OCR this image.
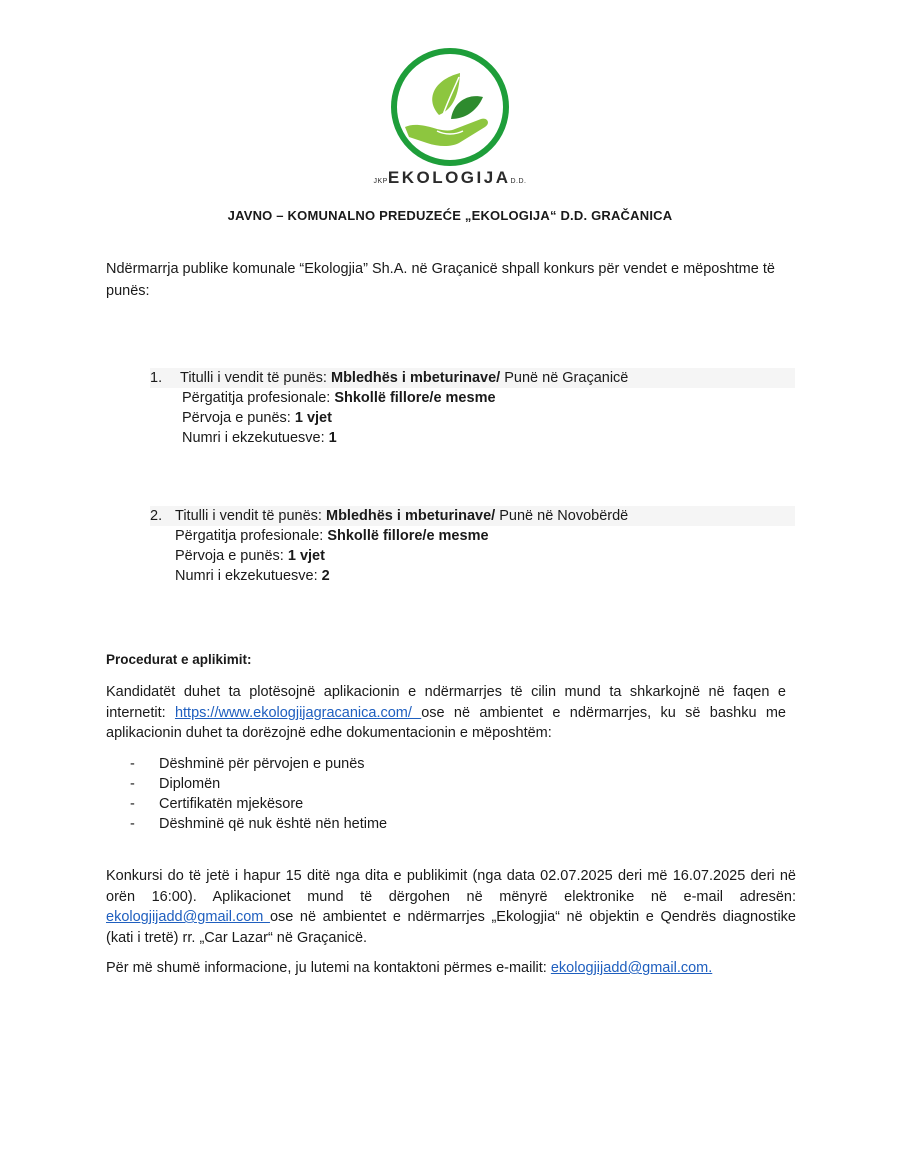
JKPEKOLOGIJAD.D.
JAVNO – KOMUNALNO PREDUZEĆE „EKOLOGIJA“ D.D. GRAČANICA
Ndërmarrja publike komunale “Ekologjia” Sh.A. në Graçanicë shpall konkurs për vendet e mëposhtme të punës:
1. Titulli i vendit të punës: Mbledhës i mbeturinave/ Punë në Graçanicë
Përgatitja profesionale: Shkollë fillore/e mesme
Përvoja e punës: 1 vjet
Numri i ekzekutuesve: 1
2. Titulli i vendit të punës: Mbledhës i mbeturinave/ Punë në Novobërdë
Përgatitja profesionale: Shkollë fillore/e mesme
Përvoja e punës: 1 vjet
Numri i ekzekutuesve: 2
Procedurat e aplikimit:
Kandidatët duhet ta plotësojnë aplikacionin e ndërmarrjes të cilin mund ta shkarkojnë në faqen e internetit: https://www.ekologjijagracanica.com/ ose në ambientet e ndërmarrjes, ku së bashku me aplikacionin duhet ta dorëzojnë edhe dokumentacionin e mëposhtëm:
- Dëshminë për përvojen e punës
- Diplomën
- Certifikatën mjekësore
- Dëshminë që nuk është nën hetime
Konkursi do të jetë i hapur 15 ditë nga dita e publikimit (nga data 02.07.2025 deri më 16.07.2025 deri në orën 16:00). Aplikacionet mund të dërgohen në mënyrë elektronike në e-mail adresën: ekologjijadd@gmail.com ose në ambientet e ndërmarrjes „Ekologjia“ në objektin e Qendrës diagnostike (kati i tretë) rr. „Car Lazar“ në Graçanicë.
Për më shumë informacione, ju lutemi na kontaktoni përmes e-mailit: ekologjijadd@gmail.com.
